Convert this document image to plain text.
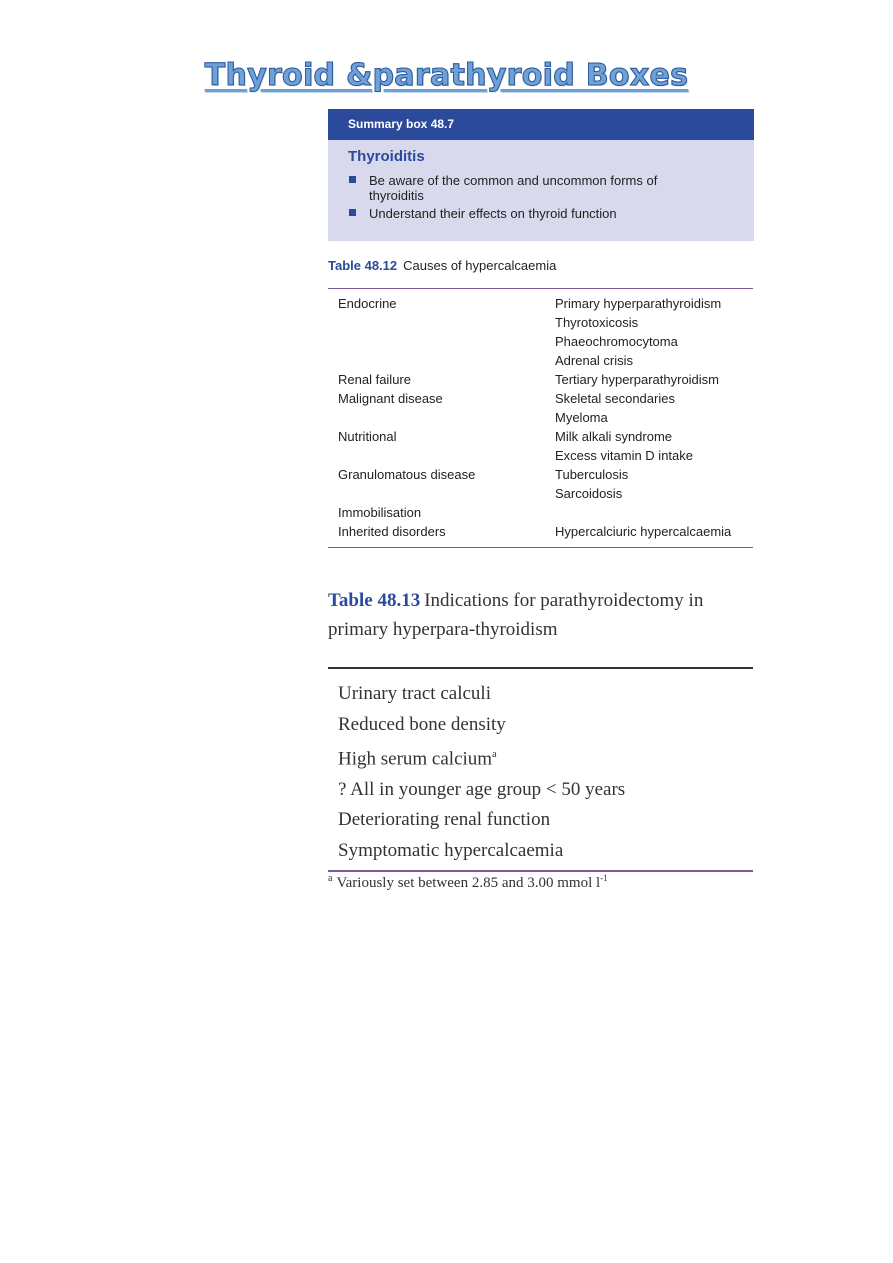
Thyroid &parathyroid Boxes
Summary box 48.7
Thyroiditis
Be aware of the common and uncommon forms of thyroiditis
Understand their effects on thyroid function
Table 48.12 Causes of hypercalcaemia
Endocrine	Primary hyperparathyroidism
Thyrotoxicosis
Phaeochromocytoma
Adrenal crisis
Renal failure	Tertiary hyperparathyroidism
Malignant disease	Skeletal secondaries
Myeloma
Nutritional	Milk alkali syndrome
Excess vitamin D intake
Granulomatous disease	Tuberculosis
Sarcoidosis
Immobilisation
Inherited disorders	Hypercalciuric hypercalcaemia
Table 48.13 Indications for parathyroidectomy in primary hyperpara-thyroidism
Urinary tract calculi
Reduced bone density
High serum calcium$^a$
? All in younger age group < 50 years
Deteriorating renal function
Symptomatic hypercalcaemia
$^a$ Variously set between 2.85 and 3.00 mmol $l^{-1}$
